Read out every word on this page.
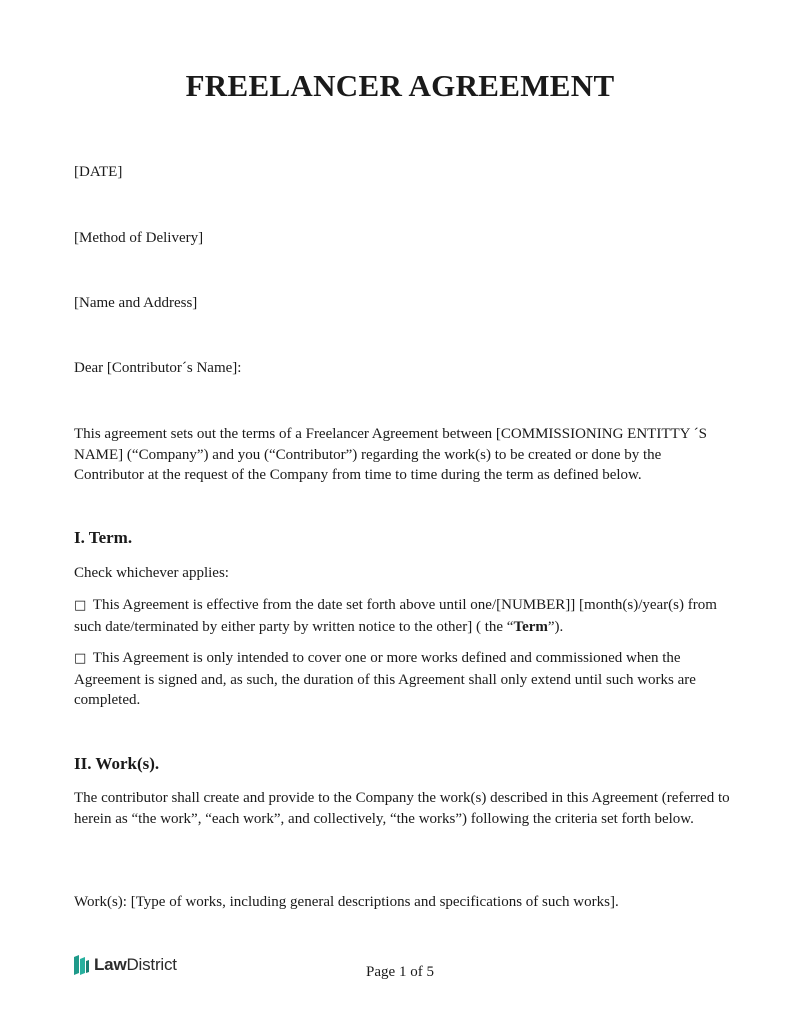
FREELANCER AGREEMENT

[DATE]

[Method of Delivery]

[Name and Address]

Dear [Contributor´s Name]:

This agreement sets out the terms of a Freelancer Agreement between [COMMISSIONING ENTITTY ´S NAME] (“Company”) and you (“Contributor”) regarding the work(s) to be created or done by the Contributor at the request of the Company from time to time during the term as defined below.

I. Term.

Check whichever applies:

□ This Agreement is effective from the date set forth above until one/[NUMBER]] [month(s)/year(s) from such date/terminated by either party by written notice to the other] ( the “Term”).

□ This Agreement is only intended to cover one or more works defined and commissioned when the Agreement is signed and, as such, the duration of this Agreement shall only extend until such works are completed.

II. Work(s).

The contributor shall create and provide to the Company the work(s) described in this Agreement (referred to herein as “the work”, “each work”, and collectively, “the works”) following the criteria set forth below.

Work(s): [Type of works, including general descriptions and specifications of such works].

LawDistrict	Page 1 of 5
